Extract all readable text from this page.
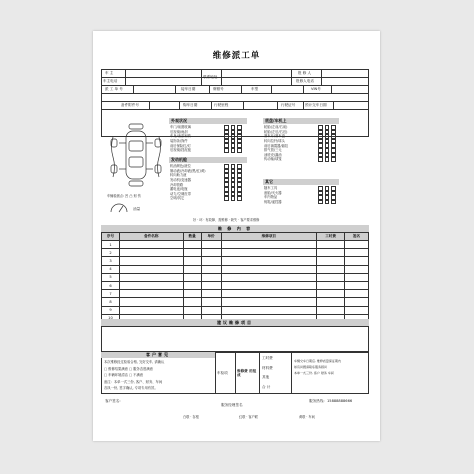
维修派工单
车 主
联系地址
报 修 人
车主电话	报修人电话
派 工 单 号	接车日期	牌照号	车型	VIN号
备件附件号	购车日期	行驶里程	行驶证号	预计交车日期
外观状况
发动机舱
底盘/车机上
其它
车辆检测点: 凹 凸 划 伤
油量
车门/前窗玻璃
后视镜/雨刮
车身/油漆划伤
装饰条/饰件
前后保险杠/灯
后视镜/挡泥板
机油颜色/液位
制动液/冷却液(黑/红/黄)
转向助力液
发动机/变速器
冷却管路
蓄电池/电瓶
动力/空调皮带
空调/其它
轮胎(左前/右前)
轮胎(左后/右后)
刹车片/刹车盘
转向拉杆/球头
前后减震器/悬挂
排气管/三元
油底壳/漏油
传动轴/球笼
随车工具
备胎/灭火器
车内物品
钥匙/遥控器
好 · 坏 · 有故障、需维修 · 缺失 · 客户要求维修
维 修 内 容
序号	备件名称	数量	单价	维修项目	工时费	签名
1						
2						
3						
4						
5						
6						
7						
8						
9						

建议维修项目
客户意见
本次维修经过检验合格, 完好交车, 请确认
□ 维修结果满意 □ 服务态度满意
□ 车辆环境清洁 □ 不满意
备注：本单一式三份, 客户、财务、车间
各执一份, 签字确认, 专项专用有效。
车检项	维修费 用组成
工时费
材料费
其他
合 计
车辆交车日期后, 维修质量保证期内
如有问题请联系服务顾问
本单一式三份, 客户 财务 车间
客户签名:
服务经理签名
服务热线: 15888888666
白联 · 存根	红联 · 客户联	黄联 · 车间
